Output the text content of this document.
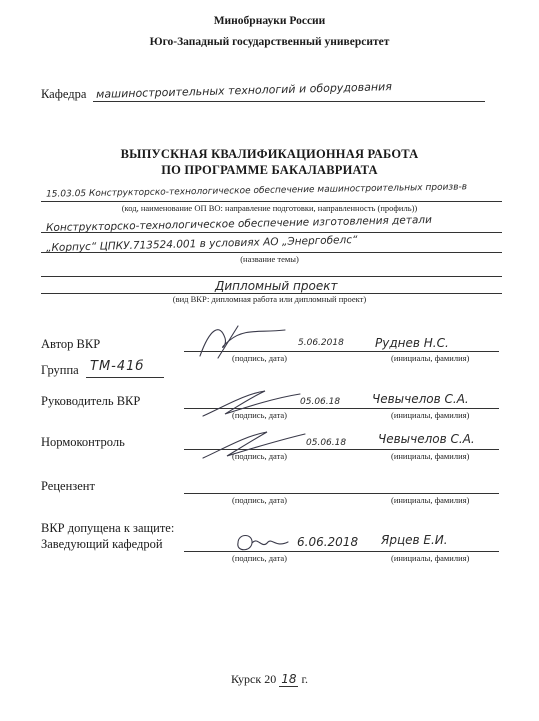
Минобрнауки России
Юго-Западный государственный университет
Кафедра машиностроительных технологий и оборудования
ВЫПУСКНАЯ КВАЛИФИКАЦИОННАЯ РАБОТА
ПО ПРОГРАММЕ БАКАЛАВРИАТА
15.03.05 Конструкторско-технологическое обеспечение машиностроительных произв-в
(код, наименование ОП ВО: направление подготовки, направленность (профиль))
Конструкторско-технологическое обеспечение изготовления детали
„Корпус“ ЦПКУ.713524.001 в условиях АО „Энергобелс“
(название темы)
Дипломный проект
(вид ВКР: дипломная работа или дипломный проект)
Автор ВКР	5.06.2018	Руднев Н.С.
(подпись, дата)	(инициалы, фамилия)
Группа ТМ-41б
Руководитель ВКР	05.06.18	Чевычелов С.А.
(подпись, дата)	(инициалы, фамилия)
Нормоконтроль	05.06.18	Чевычелов С.А.
(подпись, дата)	(инициалы, фамилия)
Рецензент
(подпись, дата)	(инициалы, фамилия)
ВКР допущена к защите:
Заведующий кафедрой	6.06.2018 Ярцев Е.И.
(подпись, дата)	(инициалы, фамилия)
Курск 20 18 г.
